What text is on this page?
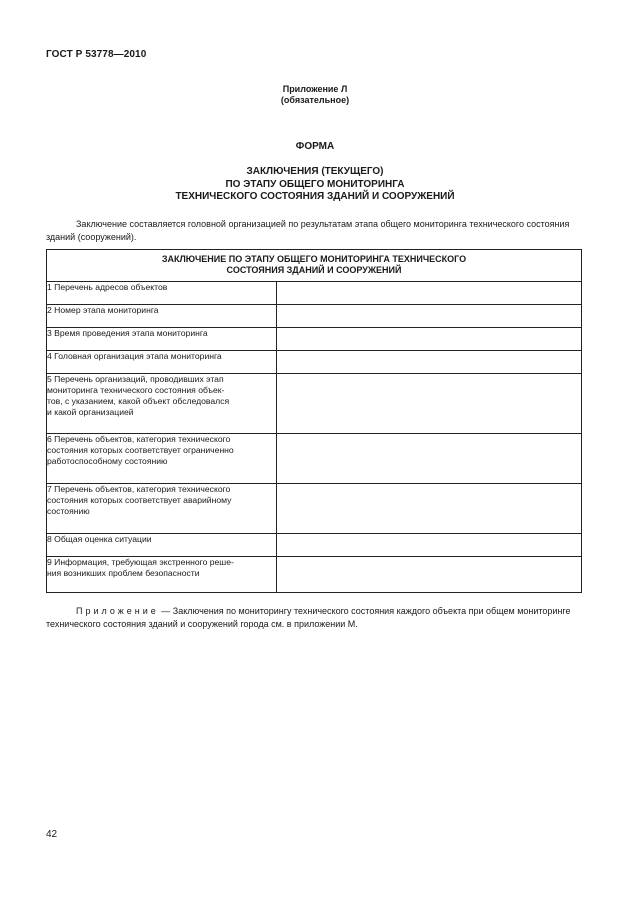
ГОСТ Р 53778—2010
Приложение Л
(обязательное)
ФОРМА
ЗАКЛЮЧЕНИЯ (ТЕКУЩЕГО)
ПО ЭТАПУ ОБЩЕГО МОНИТОРИНГА
ТЕХНИЧЕСКОГО СОСТОЯНИЯ ЗДАНИЙ И СООРУЖЕНИЙ
Заключение составляется головной организацией по результатам этапа общего мониторинга технического состояния зданий (сооружений).
ЗАКЛЮЧЕНИЕ ПО ЭТАПУ ОБЩЕГО МОНИТОРИНГА ТЕХНИЧЕСКОГО
СОСТОЯНИЯ ЗДАНИЙ И СООРУЖЕНИЙ	

1 Перечень адресов объектов	

2 Номер этапа мониторинга	

3 Время проведения этапа мониторинга	

4 Головная организация этапа мониторинга	

5 Перечень организаций, проводивших этап
мониторинга технического состояния объек-
тов, с указанием, какой объект обследовался
и какой организацией	

6 Перечень объектов, категория технического
состояния которых соответствует ограниченно
работоспособному состоянию	

7 Перечень объектов, категория технического
состояния которых соответствует аварийному
состоянию	

8 Общая оценка ситуации	

9 Информация, требующая экстренного реше-
ния возникших проблем безопасности	

Приложение — Заключения по мониторингу технического состояния каждого объекта при общем мониторинге технического состояния зданий и сооружений города см. в приложении М.
42
